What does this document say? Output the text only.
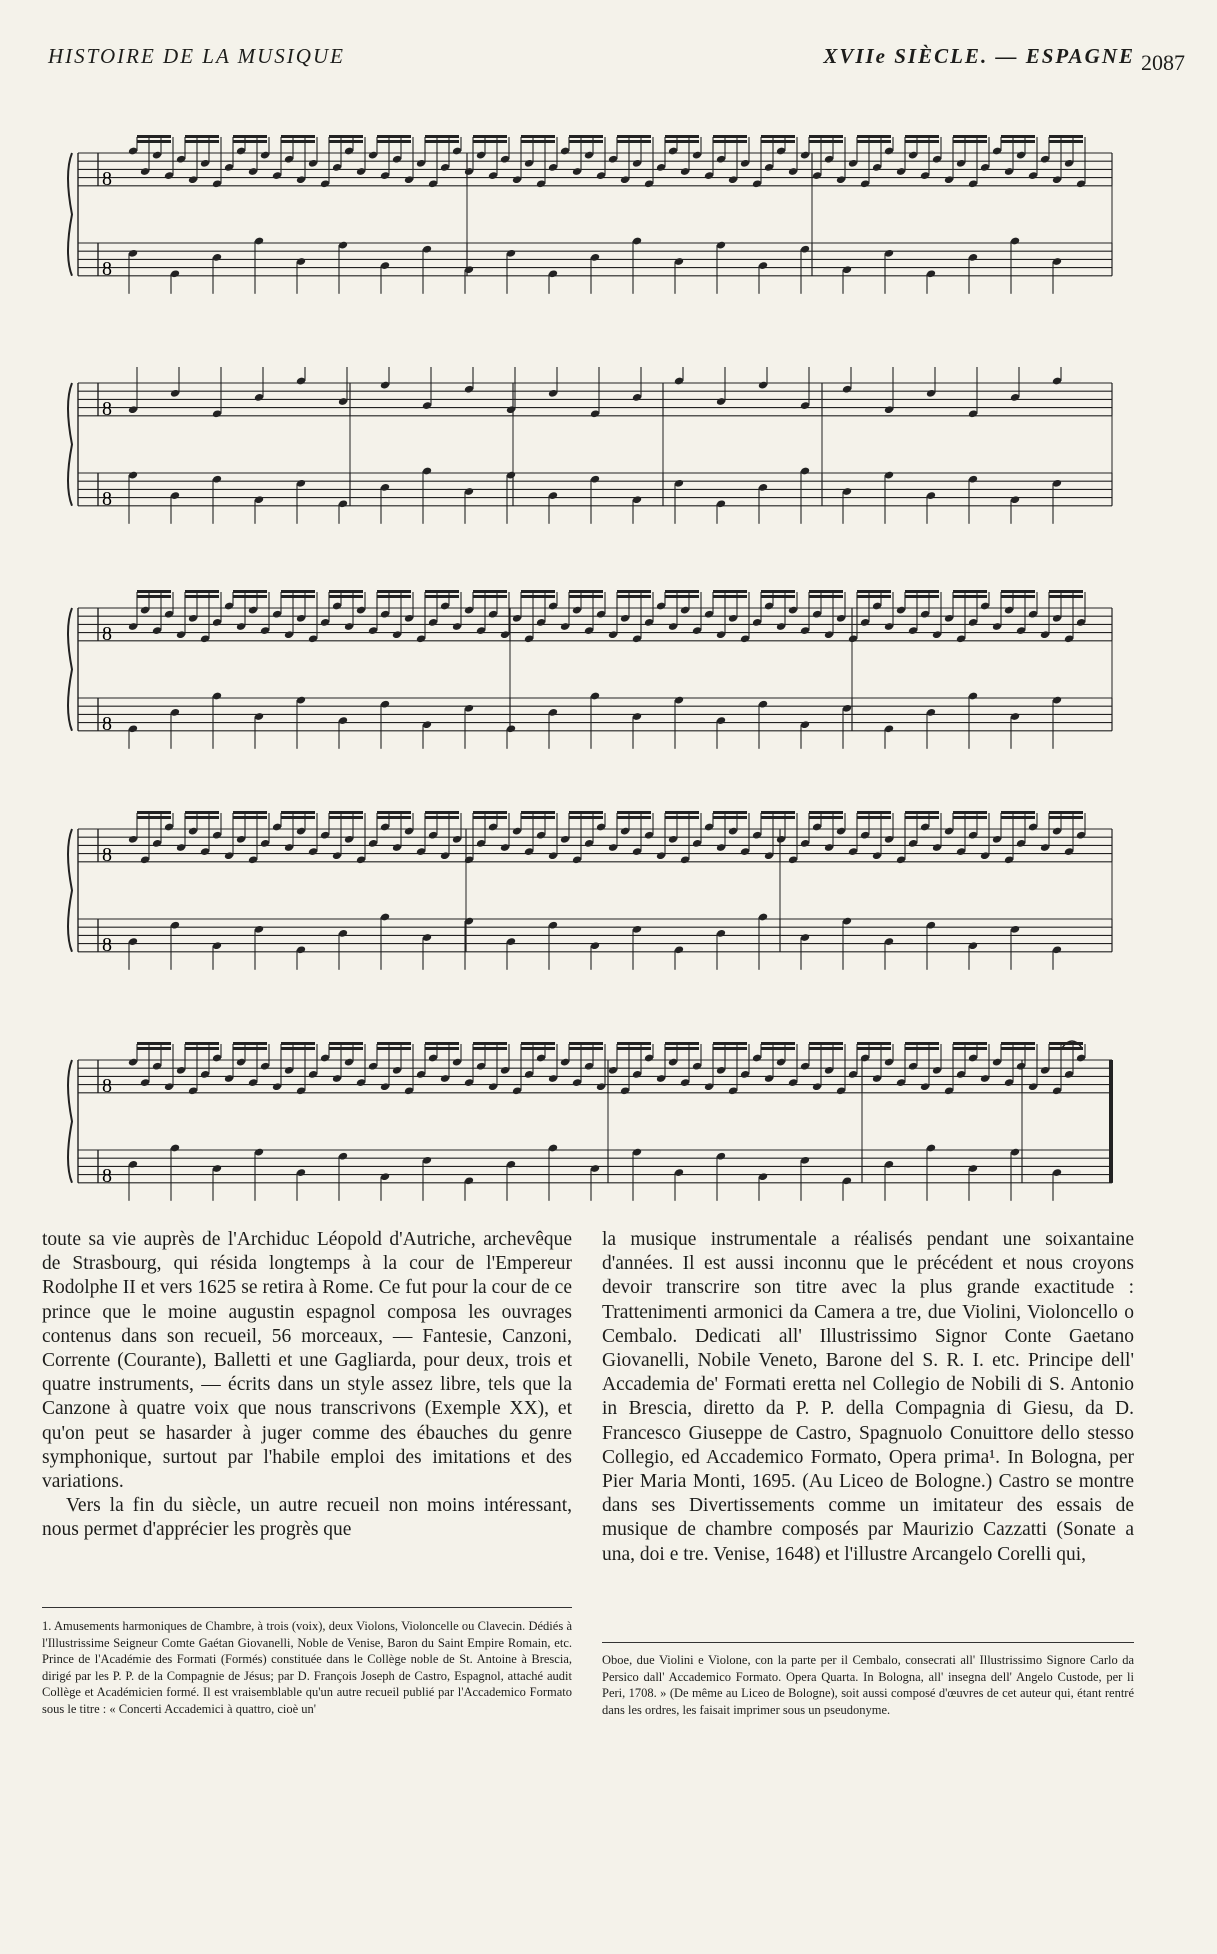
HISTOIRE DE LA MUSIQUE	XVIIe SIÈCLE. — ESPAGNE 2087
8
8
8
8
8
8
8
8
8
8

toute sa vie auprès de l'Archiduc Léopold d'Autriche, archevêque de Strasbourg, qui résida longtemps à la cour de l'Empereur Rodolphe II et vers 1625 se retira à Rome. Ce fut pour la cour de ce prince que le moine augustin espagnol composa les ouvrages contenus dans son recueil, 56 morceaux, — Fantesie, Canzoni, Corrente (Courante), Balletti et une Gagliarda, pour deux, trois et quatre instruments, — écrits dans un style assez libre, tels que la Canzone à quatre voix que nous transcrivons (Exemple XX), et qu'on peut se hasarder à juger comme des ébauches du genre symphonique, surtout par l'habile emploi des imitations et des variations.

Vers la fin du siècle, un autre recueil non moins intéressant, nous permet d'apprécier les progrès que

la musique instrumentale a réalisés pendant une soixantaine d'années. Il est aussi inconnu que le précédent et nous croyons devoir transcrire son titre avec la plus grande exactitude : Trattenimenti armonici da Camera a tre, due Violini, Violoncello o Cembalo. Dedicati all' Illustrissimo Signor Conte Gaetano Giovanelli, Nobile Veneto, Barone del S. R. I. etc. Principe dell' Accademia de' Formati eretta nel Collegio de Nobili di S. Antonio in Brescia, diretto da P. P. della Compagnia di Giesu, da D. Francesco Giuseppe de Castro, Spagnuolo Conuittore dello stesso Collegio, ed Accademico Formato, Opera prima¹. In Bologna, per Pier Maria Monti, 1695. (Au Liceo de Bologne.) Castro se montre dans ses Divertissements comme un imitateur des essais de musique de chambre composés par Maurizio Cazzatti (Sonate a una, doi e tre. Venise, 1648) et l'illustre Arcangelo Corelli qui,

1. Amusements harmoniques de Chambre, à trois (voix), deux Violons, Violoncelle ou Clavecin. Dédiés à l'Illustrissime Seigneur Comte Gaétan Giovanelli, Noble de Venise, Baron du Saint Empire Romain, etc. Prince de l'Académie des Formati (Formés) constituée dans le Collège noble de St. Antoine à Brescia, dirigé par les P. P. de la Compagnie de Jésus; par D. François Joseph de Castro, Espagnol, attaché audit Collège et Académicien formé. Il est vraisemblable qu'un autre recueil publié par l'Accademico Formato sous le titre : « Concerti Accademici à quattro, cioè un'

Oboe, due Violini e Violone, con la parte per il Cembalo, consecrati all' Illustrissimo Signore Carlo da Persico dall' Accademico Formato. Opera Quarta. In Bologna, all' insegna dell' Angelo Custode, per li Peri, 1708. » (De même au Liceo de Bologne), soit aussi composé d'œuvres de cet auteur qui, étant rentré dans les ordres, les faisait imprimer sous un pseudonyme.
